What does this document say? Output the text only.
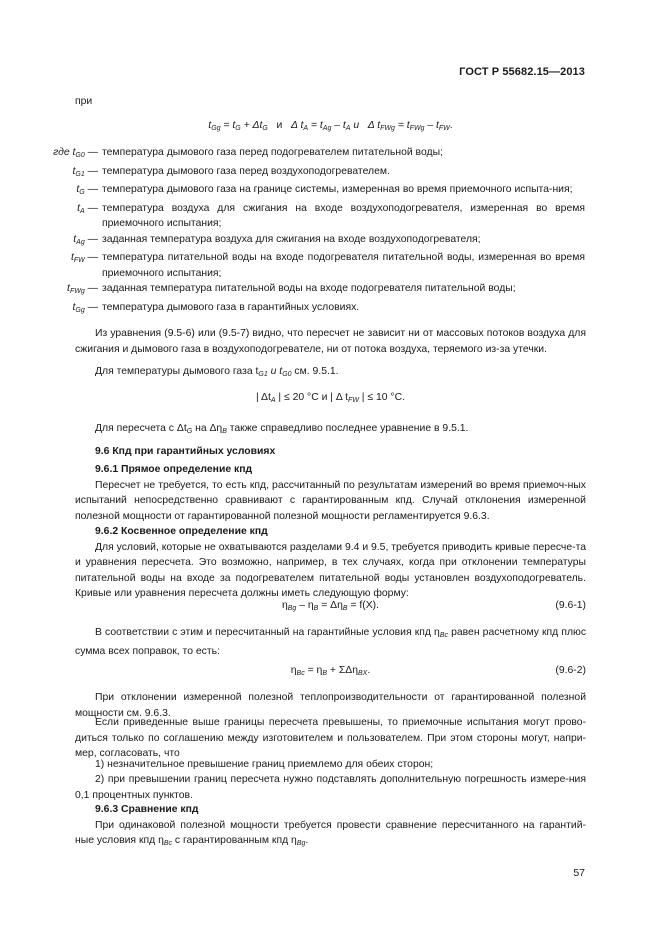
ГОСТ Р 55682.15—2013

при

$t_{Gg} = t_G + \Delta t_G$   и   Δ $t_A = t_{Ag} - t_A$ и   Δ $t_{FWg} = t_{FWg} - t_{FW}$.
где $t_{G0}$ — температура дымового газа перед подогревателем питательной воды;
$t_{G1}$ — температура дымового газа перед воздухоподогревателем.
$t_G$ — температура дымового газа на границе системы, измеренная во время приемочного испыта-ния;
$t_A$ — температура воздуха для сжигания на входе воздухоподогревателя, измеренная во время приемочного испытания;
$t_{Ag}$ — заданная температура воздуха для сжигания на входе воздухоподогревателя;
$t_{FW}$ — температура питательной воды на входе подогревателя питательной воды, измеренная во время приемочного испытания;
$t_{FWg}$ — заданная температура питательной воды на входе подогревателя питательной воды;
$t_{Gg}$ — температура дымового газа в гарантийных условиях.

Из уравнения (9.5-6) или (9.5-7) видно, что пересчет не зависит ни от массовых потоков воздуха для сжигания и дымового газа в воздухоподогревателе, ни от потока воздуха, теряемого из-за утечки.

Для температуры дымового газа $t_{G1}$ и $t_{G0}$ см. 9.5.1.

| $\Delta t_A$ | ≤ 20 °C и | Δ $t_{FW}$ | ≤ 10 °C.

Для пересчета с $\Delta t_G$ на $\Delta\eta_B$ также справедливо последнее уравнение в 9.5.1.

9.6 Кпд при гарантийных условиях

9.6.1 Прямое определение кпд

Пересчет не требуется, то есть кпд, рассчитанный по результатам измерений во время приемоч-ных испытаний непосредственно сравнивают с гарантированным кпд. Случай отклонения измеренной полезной мощности от гарантированной полезной мощности регламентируется 9.6.3.

9.6.2 Косвенное определение кпд

Для условий, которые не охватываются разделами 9.4 и 9.5, требуется приводить кривые пересче-та и уравнения пересчета. Это возможно, например, в тех случаях, когда при отклонении температуры питательной воды на входе за подогревателем питательной воды установлен воздухоподогреватель. Кривые или уравнения пересчета должны иметь следующую форму:

$\eta_{Bg} - \eta_B = \Delta\eta_B = f(X)$.	(9.6-1)

В соответствии с этим и пересчитанный на гарантийные условия кпд $\eta_{Bc}$ равен расчетному кпд плюс сумма всех поправок, то есть:

$\eta_{Bc} = \eta_B + \Sigma\Delta\eta_{BX}$.	(9.6-2)

При отклонении измеренной полезной теплопроизводительности от гарантированной полезной мощности см. 9.6.3.

Если приведенные выше границы пересчета превышены, то приемочные испытания могут прово-диться только по соглашению между изготовителем и пользователем. При этом стороны могут, напри-мер, согласовать, что

1) незначительное превышение границ приемлемо для обеих сторон;

2) при превышении границ пересчета нужно подставлять дополнительную погрешность измере-ния 0,1 процентных пунктов.

9.6.3 Сравнение кпд

При одинаковой полезной мощности требуется провести сравнение пересчитанного на гарантий-ные условия кпд $\eta_{Bc}$ с гарантированным кпд $\eta_{Bg}$.

57
